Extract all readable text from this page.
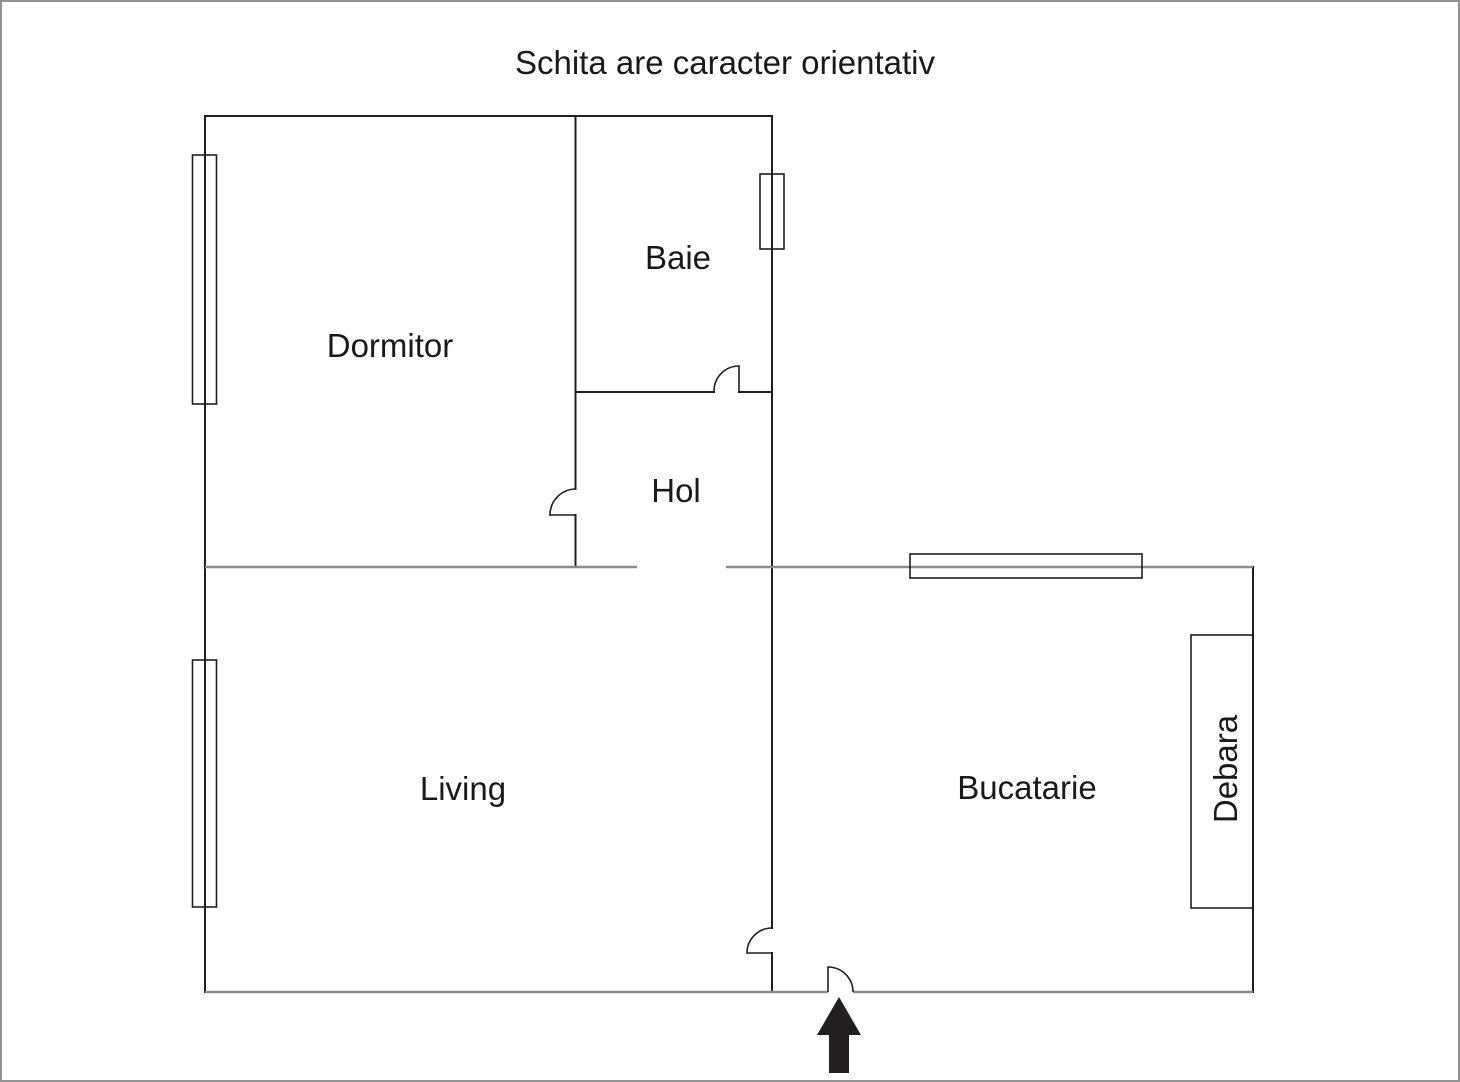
Schita are caracter orientativ
Dormitor
Baie
Hol
Living	Bucatarie	Debara
